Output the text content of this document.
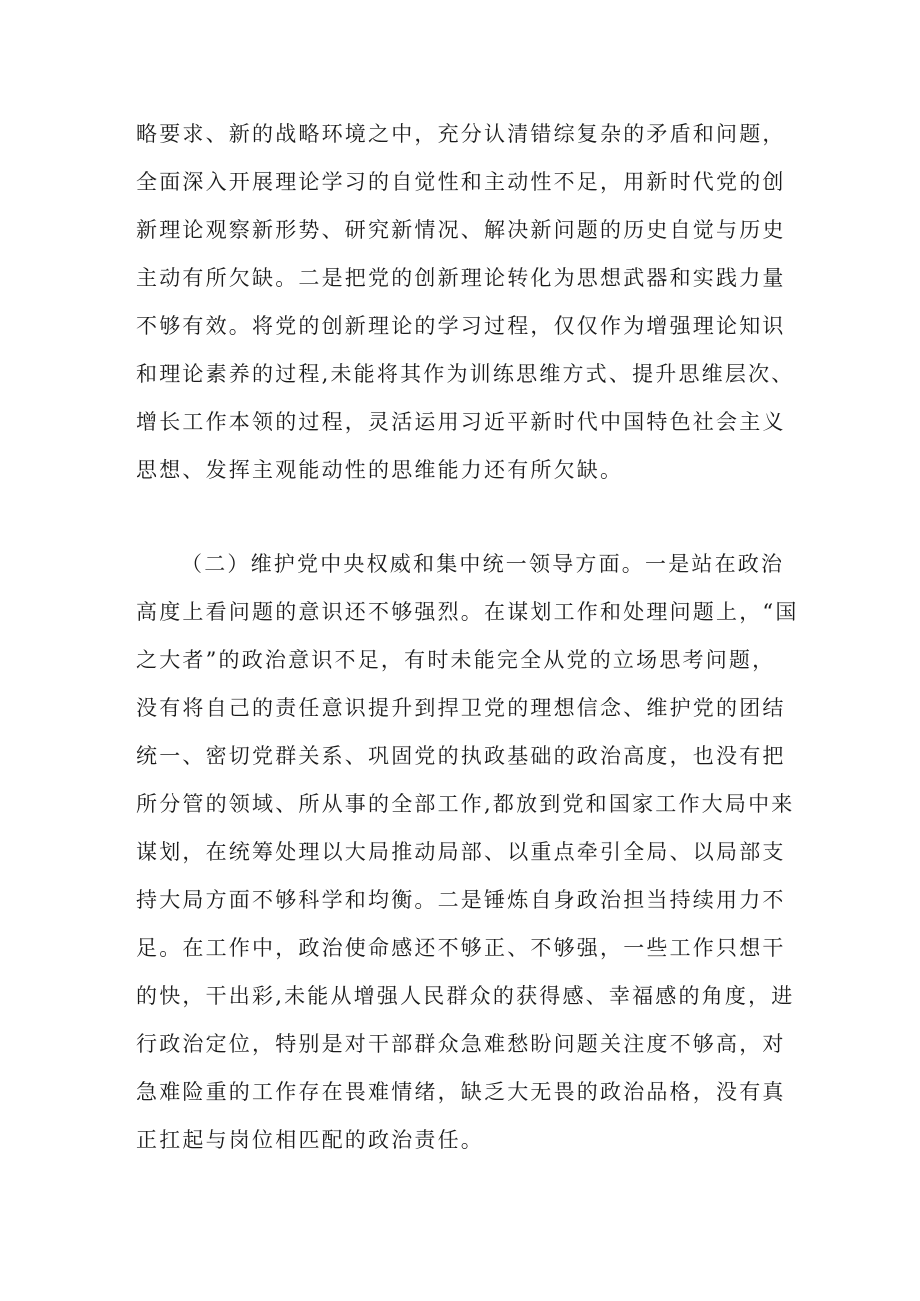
略要求、新的战略环境之中，充分认清错综复杂的矛盾和问题，
全面深入开展理论学习的自觉性和主动性不足，用新时代党的创
新理论观察新形势、研究新情况、解决新问题的历史自觉与历史
主动有所欠缺。二是把党的创新理论转化为思想武器和实践力量
不够有效。将党的创新理论的学习过程，仅仅作为增强理论知识
和理论素养的过程,未能将其作为训练思维方式、提升思维层次、
增长工作本领的过程，灵活运用习近平新时代中国特色社会主义
思想、发挥主观能动性的思维能力还有所欠缺。
（二）维护党中央权威和集中统一领导方面。一是站在政治
高度上看问题的意识还不够强烈。在谋划工作和处理问题上，“国
之大者”的政治意识不足，有时未能完全从党的立场思考问题，
没有将自己的责任意识提升到捍卫党的理想信念、维护党的团结
统一、密切党群关系、巩固党的执政基础的政治高度，也没有把
所分管的领域、所从事的全部工作,都放到党和国家工作大局中来
谋划，在统筹处理以大局推动局部、以重点牵引全局、以局部支
持大局方面不够科学和均衡。二是锤炼自身政治担当持续用力不
足。在工作中，政治使命感还不够正、不够强，一些工作只想干
的快，干出彩,未能从增强人民群众的获得感、幸福感的角度，进
行政治定位，特别是对干部群众急难愁盼问题关注度不够高，对
急难险重的工作存在畏难情绪，缺乏大无畏的政治品格，没有真
正扛起与岗位相匹配的政治责任。
